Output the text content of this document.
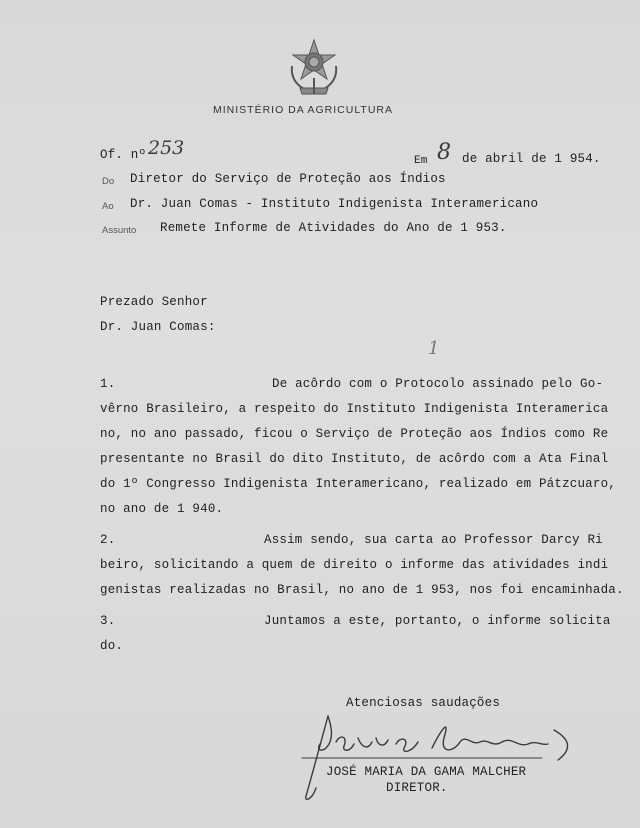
MINISTÉRIO DA AGRICULTURA
Of. nº 253
Em 8 de abril de 1 954.
Do Diretor do Serviço de Proteção aos Índios
Ao Dr. Juan Comas - Instituto Indigenista Interamericano
Assunto Remete Informe de Atividades do Ano de 1 953.
Prezado Senhor
Dr. Juan Comas:
1
1.	De acôrdo com o Protocolo assinado pelo Go-
vêrno Brasileiro, a respeito do Instituto Indigenista Interamerica
no, no ano passado, ficou o Serviço de Proteção aos Índios como Re
presentante no Brasil do dito Instituto, de acôrdo com a Ata Final
do 1º Congresso Indigenista Interamericano, realizado em Pátzcuaro,
no ano de 1 940.
2.	Assim sendo, sua carta ao Professor Darcy Ri
beiro, solicitando a quem de direito o informe das atividades indi
genistas realizadas no Brasil, no ano de 1 953, nos foi encaminhada.
3.	Juntamos a este, portanto, o informe solicita
do.
Atenciosas saudações
JOSÉ MARIA DA GAMA MALCHER
DIRETOR.
